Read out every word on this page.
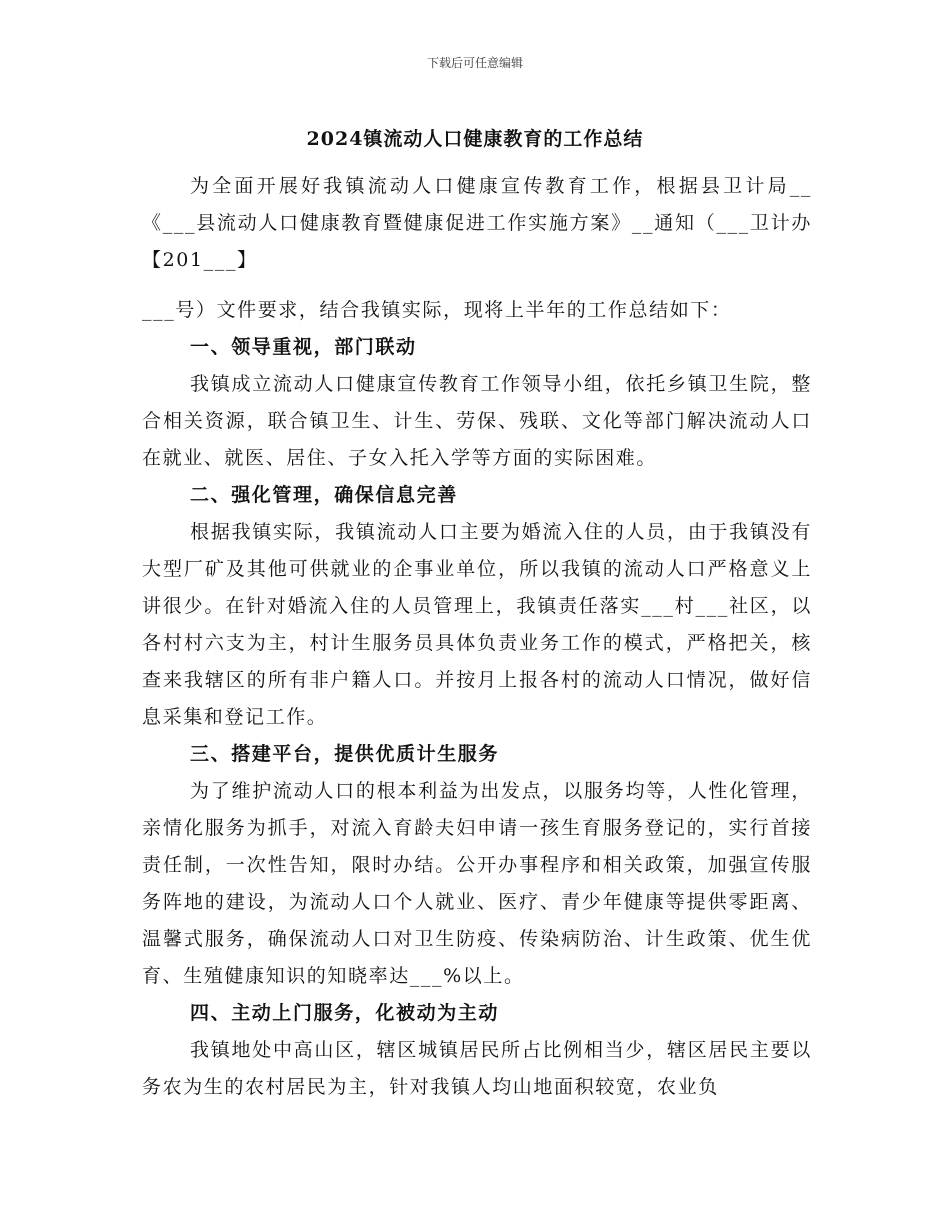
下载后可任意编辑
2024镇流动人口健康教育的工作总结

为全面开展好我镇流动人口健康宣传教育工作，根据县卫计局__《___县流动人口健康教育暨健康促进工作实施方案》__通知（___卫计办【201___】

___号）文件要求，结合我镇实际，现将上半年的工作总结如下：

一、领导重视，部门联动

我镇成立流动人口健康宣传教育工作领导小组，依托乡镇卫生院，整合相关资源，联合镇卫生、计生、劳保、残联、文化等部门解决流动人口在就业、就医、居住、子女入托入学等方面的实际困难。

二、强化管理，确保信息完善

根据我镇实际，我镇流动人口主要为婚流入住的人员，由于我镇没有大型厂矿及其他可供就业的企事业单位，所以我镇的流动人口严格意义上讲很少。在针对婚流入住的人员管理上，我镇责任落实___村___社区，以各村村六支为主，村计生服务员具体负责业务工作的模式，严格把关，核查来我辖区的所有非户籍人口。并按月上报各村的流动人口情况，做好信息采集和登记工作。

三、搭建平台，提供优质计生服务

为了维护流动人口的根本利益为出发点，以服务均等，人性化管理，亲情化服务为抓手，对流入育龄夫妇申请一孩生育服务登记的，实行首接责任制，一次性告知，限时办结。公开办事程序和相关政策，加强宣传服务阵地的建设，为流动人口个人就业、医疗、青少年健康等提供零距离、温馨式服务，确保流动人口对卫生防疫、传染病防治、计生政策、优生优育、生殖健康知识的知晓率达___%以上。

四、主动上门服务，化被动为主动

我镇地处中高山区，辖区城镇居民所占比例相当少，辖区居民主要以务农为生的农村居民为主，针对我镇人均山地面积较宽，农业负
